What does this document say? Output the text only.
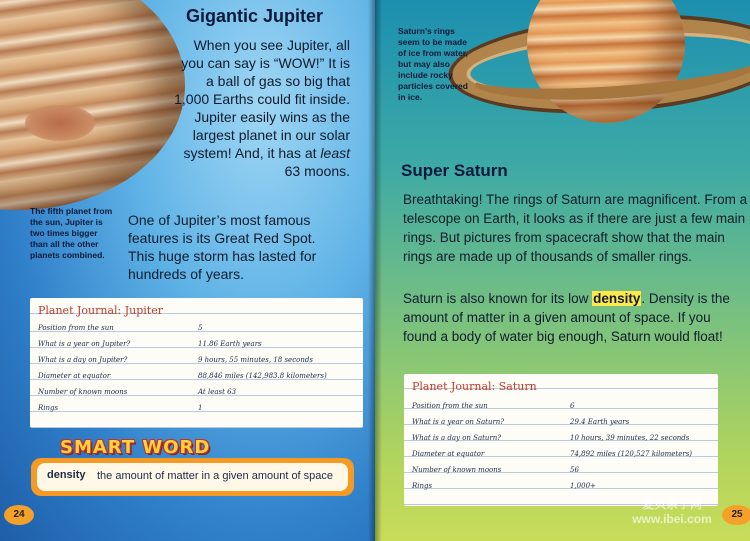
Gigantic Jupiter

When you see Jupiter, all you can say is “WOW!” It is a ball of gas so big that 1,000 Earths could fit inside. Jupiter easily wins as the largest planet in our solar system! And, it has at least 63 moons.

The fifth planet from the sun, Jupiter is two times bigger than all the other planets combined.

One of Jupiter’s most famous features is its Great Red Spot. This huge storm has lasted for hundreds of years.

Planet Journal: Jupiter

Position from the sun	5
What is a year on Jupiter?	11.86 Earth years
What is a day on Jupiter?	9 hours, 55 minutes, 18 seconds
Diameter at equator	88,846 miles (142,983.8 kilometers)
Number of known moons	At least 63
Rings	1
SMART WORD
density the amount of matter in a given amount of space
24

Saturn’s rings seem to be made of ice from water, but may also include rocky particles covered in ice.

Super Saturn

Breathtaking! The rings of Saturn are magnificent. From a telescope on Earth, it looks as if there are just a few main rings. But pictures from spacecraft show that the main rings are made up of thousands of smaller rings.

Saturn is also known for its low density. Density is the amount of matter in a given amount of space. If you found a body of water big enough, Saturn would float!

Planet Journal: Saturn

Position from the sun	6
What is a year on Saturn?	29.4 Earth years
What is a day on Saturn?	10 hours, 39 minutes, 22 seconds
Diameter at equator	74,892 miles (120,527 kilometers)
Number of known moons	56
Rings	1,000+

爱贝亲子网 www.ibei.com	25
